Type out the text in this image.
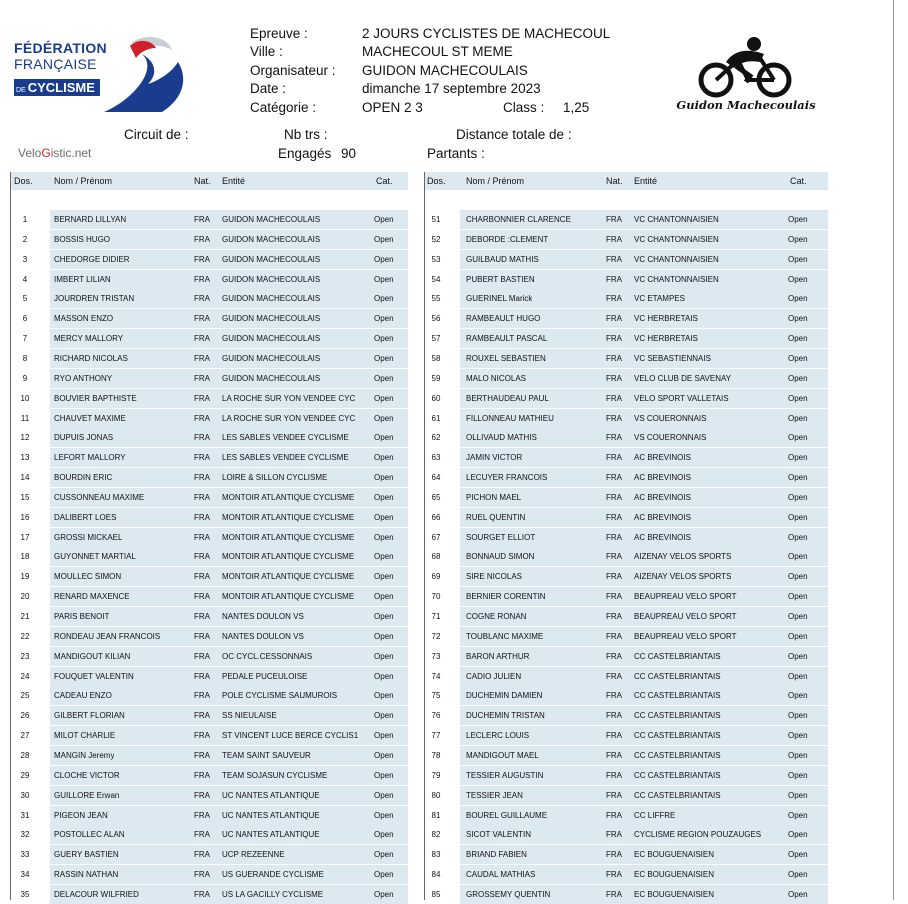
FÉDÉRATION
FRANÇAISE
DE CYCLISME
Epreuve :	2 JOURS CYCLISTES DE MACHECOUL
Ville :	MACHECOUL ST MEME
Organisateur : GUIDON MACHECOULAIS
Date :	dimanche 17 septembre 2023
Catégorie :	OPEN 2 3	Class : 1,25	Guidon Machecoulais
Circuit de :	Nb trs :	Distance totale de :
Engagés 90	Partants :
VeloGistic.net
Dos. Nom / Prénom	Nat. Entité	Cat.	Dos. Nom / Prénom	Nat. Entité	Cat.
1	BERNARD LILLYAN	FRA GUIDON MACHECOULAIS	Open
2	BOSSIS HUGO	FRA GUIDON MACHECOULAIS	Open
3	CHEDORGE DIDIER	FRA GUIDON MACHECOULAIS	Open
4	IMBERT LILIAN	FRA GUIDON MACHECOULAIS	Open
5	JOURDREN TRISTAN	FRA GUIDON MACHECOULAIS	Open
6	MASSON ENZO	FRA GUIDON MACHECOULAIS	Open
7	MERCY MALLORY	FRA GUIDON MACHECOULAIS	Open
8	RICHARD NICOLAS	FRA GUIDON MACHECOULAIS	Open
9	RYO ANTHONY	FRA GUIDON MACHECOULAIS	Open
10	BOUVIER BAPTHISTE	FRA LA ROCHE SUR YON VENDEE CYC	Open
11	CHAUVET MAXIME	FRA LA ROCHE SUR YON VENDEE CYC	Open
12	DUPUIS JONAS	FRA LES SABLES VENDEE CYCLISME	Open
13	LEFORT MALLORY	FRA LES SABLES VENDEE CYCLISME	Open
14	BOURDIN ERIC	FRA LOIRE & SILLON CYCLISME	Open
15	CUSSONNEAU MAXIME	FRA MONTOIR ATLANTIQUE CYCLISME	Open
16	DALIBERT LOES	FRA MONTOIR ATLANTIQUE CYCLISME	Open
17	GROSSI MICKAEL	FRA MONTOIR ATLANTIQUE CYCLISME	Open
18	GUYONNET MARTIAL	FRA MONTOIR ATLANTIQUE CYCLISME	Open
19	MOULLEC SIMON	FRA MONTOIR ATLANTIQUE CYCLISME	Open
20	RENARD MAXENCE	FRA MONTOIR ATLANTIQUE CYCLISME	Open
21	PARIS BENOIT	FRA NANTES DOULON VS	Open
22	RONDEAU JEAN FRANCOIS	FRA NANTES DOULON VS	Open
23	MANDIGOUT KILIAN	FRA OC CYCL.CESSONNAIS	Open
24	FOUQUET VALENTIN	FRA PEDALE PUCEULOISE	Open
25	CADEAU ENZO	FRA POLE CYCLISME SAUMUROIS	Open
26	GILBERT FLORIAN	FRA SS NIEULAISE	Open
27	MILOT CHARLIE	FRA ST VINCENT LUCE BERCE CYCLIS1	Open
28	MANGIN Jeremy	FRA TEAM SAINT SAUVEUR	Open
29	CLOCHE VICTOR	FRA TEAM SOJASUN CYCLISME	Open
30	GUILLORE Erwan	FRA UC NANTES ATLANTIQUE	Open
31	PIGEON JEAN	FRA UC NANTES ATLANTIQUE	Open
32	POSTOLLEC ALAN	FRA UC NANTES ATLANTIQUE	Open
33	GUERY BASTIEN	FRA UCP REZEENNE	Open
34	RASSIN NATHAN	FRA US GUERANDE CYCLISME	Open
35	DELACOUR WILFRIED	FRA US LA GACILLY CYCLISME	Open
51	CHARBONNIER CLARENCE	FRA VC CHANTONNAISIEN	Open
52	DEBORDE :CLEMENT	FRA VC CHANTONNAISIEN	Open
53	GUILBAUD MATHIS	FRA VC CHANTONNAISIEN	Open
54	PUBERT BASTIEN	FRA VC CHANTONNAISIEN	Open
55	GUERINEL Marick	FRA VC ETAMPES	Open
56	RAMBEAULT HUGO	FRA VC HERBRETAIS	Open
57	RAMBEAULT PASCAL	FRA VC HERBRETAIS	Open
58	ROUXEL SEBASTIEN	FRA VC SEBASTIENNAIS	Open
59	MALO NICOLAS	FRA VELO CLUB DE SAVENAY	Open
60	BERTHAUDEAU PAUL	FRA VELO SPORT VALLETAIS	Open
61	FILLONNEAU MATHIEU	FRA VS COUERONNAIS	Open
62	OLLIVAUD MATHIS	FRA VS COUERONNAIS	Open
63	JAMIN VICTOR	FRA AC BREVINOIS	Open
64	LECUYER FRANCOIS	FRA AC BREVINOIS	Open
65	PICHON MAEL	FRA AC BREVINOIS	Open
66	RUEL QUENTIN	FRA AC BREVINOIS	Open
67	SOURGET ELLIOT	FRA AC BREVINOIS	Open
68	BONNAUD SIMON	FRA AIZENAY VELOS SPORTS	Open
69	SIRE NICOLAS	FRA AIZENAY VELOS SPORTS	Open
70	BERNIER CORENTIN	FRA BEAUPREAU VELO SPORT	Open
71	COGNE RONAN	FRA BEAUPREAU VELO SPORT	Open
72	TOUBLANC MAXIME	FRA BEAUPREAU VELO SPORT	Open
73	BARON ARTHUR	FRA CC CASTELBRIANTAIS	Open
74	CADIO JULIEN	FRA CC CASTELBRIANTAIS	Open
75	DUCHEMIN DAMIEN	FRA CC CASTELBRIANTAIS	Open
76	DUCHEMIN TRISTAN	FRA CC CASTELBRIANTAIS	Open
77	LECLERC LOUIS	FRA CC CASTELBRIANTAIS	Open
78	MANDIGOUT MAEL	FRA CC CASTELBRIANTAIS	Open
79	TESSIER AUGUSTIN	FRA CC CASTELBRIANTAIS	Open
80	TESSIER JEAN	FRA CC CASTELBRIANTAIS	Open
81	BOUREL GUILLAUME	FRA CC LIFFRE	Open
82	SICOT VALENTIN	FRA CYCLISME REGION POUZAUGES	Open
83	BRIAND FABIEN	FRA EC BOUGUENAISIEN	Open
84	CAUDAL MATHIAS	FRA EC BOUGUENAISIEN	Open
85	GROSSEMY QUENTIN	FRA EC BOUGUENAISIEN	Open
